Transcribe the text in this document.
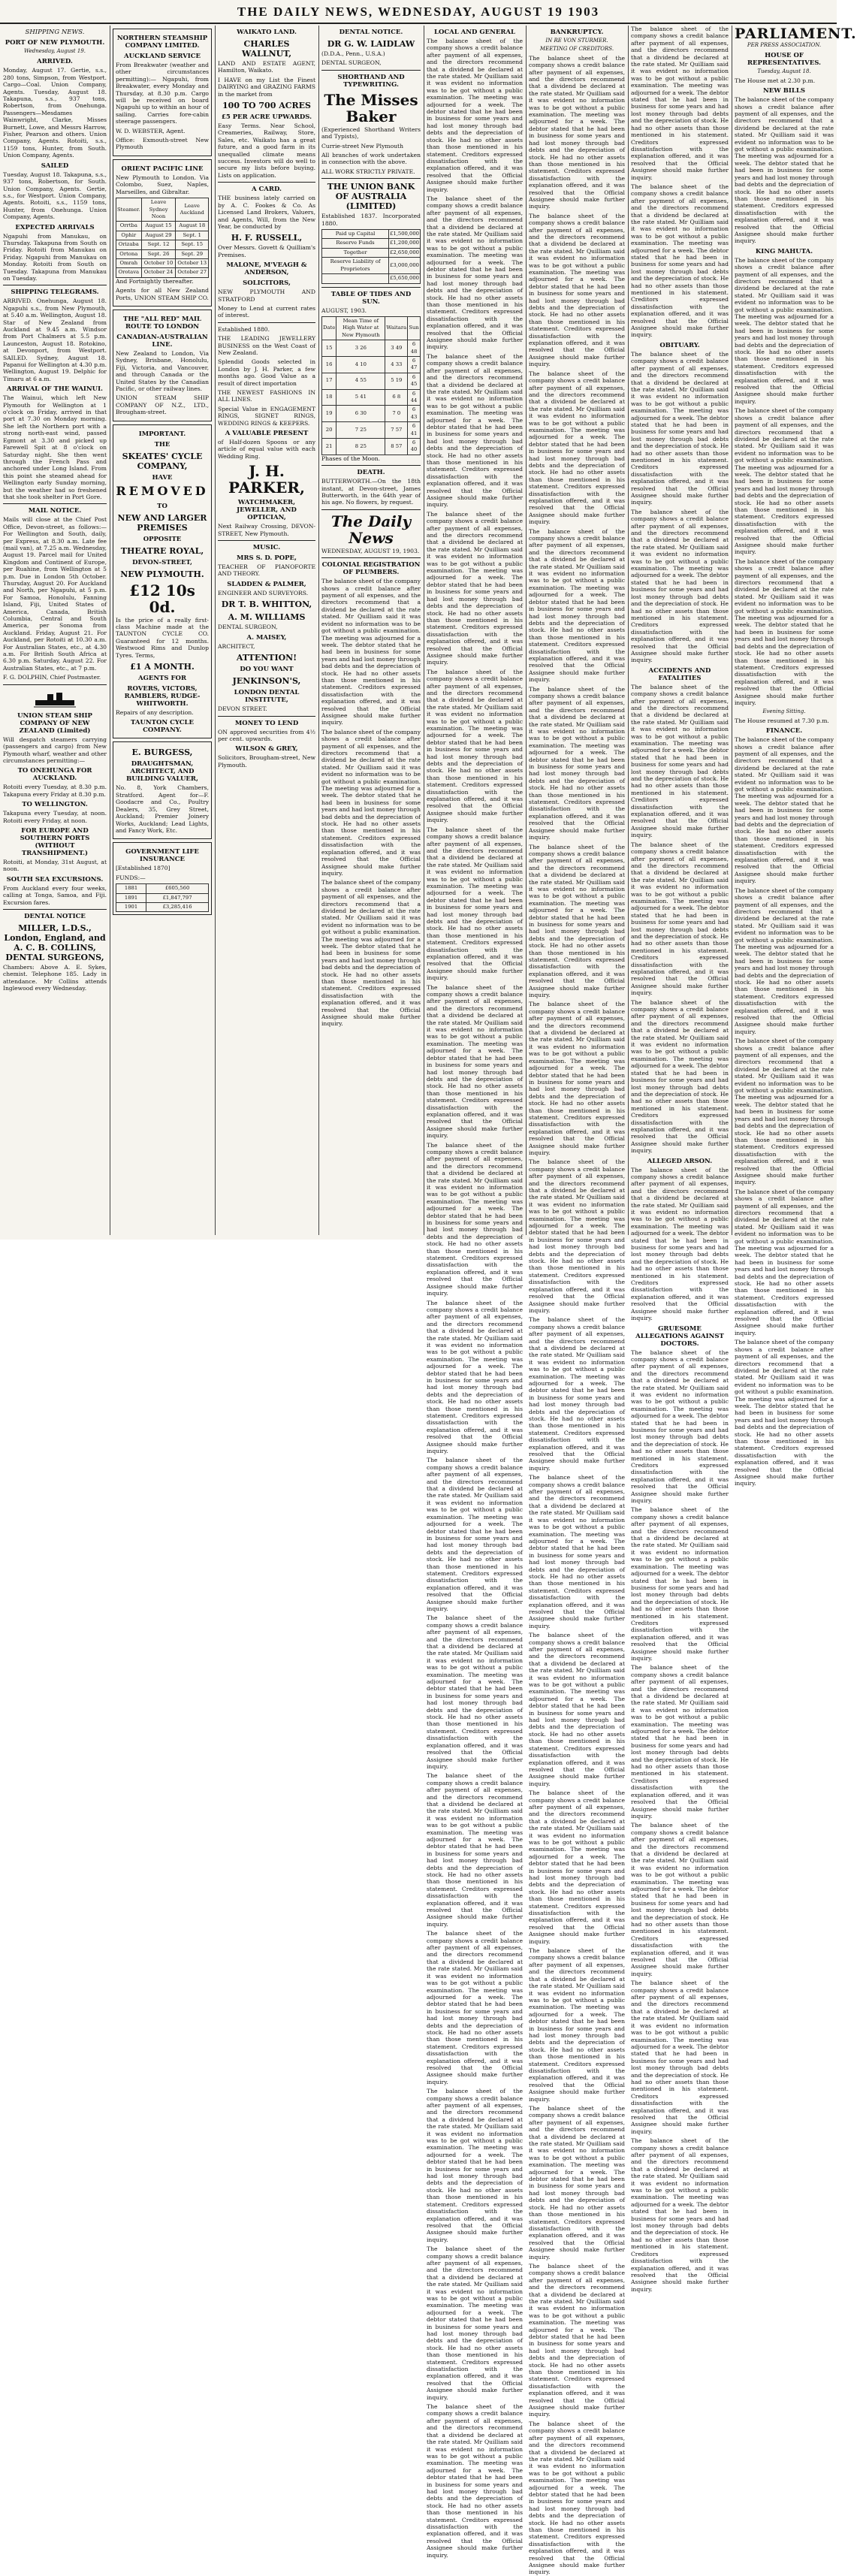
THE DAILY NEWS, WEDNESDAY, AUGUST 19 1903
SHIPPING NEWS.
PORT OF NEW PLYMOUTH.
Wednesday, August 19.
ARRIVED.

Monday, August 17. Gertie, s.s., 280 tons, Simpson, from Westport. Cargo—Coal. Union Company, Agents. Tuesday, August 18. Takapuna, s.s., 937 tons, Robertson, from Onehunga. Passengers—Mesdames Wainwright, Clarke, Misses Burnett, Lowe, and Messrs Harrow, Fisher, Pearson and others. Union Company, Agents. Rotoiti, s.s., 1159 tons, Hunter, from South. Union Company, Agents.

SAILED

Tuesday, August 18. Takapuna, s.s., 937 tons, Robertson, for South. Union Company, Agents. Gertie, s.s., for Westport. Union Company, Agents. Rotoiti, s.s., 1159 tons, Hunter, from Onehunga. Union Company, Agents.

EXPECTED ARRIVALS

Ngapuhi from Manukau, on Thursday. Takapuna from South on Friday. Rotoiti from Manukau on Friday. Ngapuhi from Manukau on Monday. Rotoiti from South on Tuesday. Takapuna from Manukau on Tuesday.

SHIPPING TELEGRAMS.

ARRIVED. Onehunga, August 18. Ngapuhi s.s., from New Plymouth, at 5.40 a.m. Wellington, August 18. Star of New Zealand from Auckland at 9.45 a.m. Windsor from Port Chalmers at 5.5 p.m. Launceston, August 18. Rotokino, at Devonport, from Westport. SAILED. Sydney, August 18. Papanui for Wellington at 4.30 p.m. Wellington, August 19. Delphic for Timaru at 6 a.m.

ARRIVAL OF THE WAINUI.

The Wainui, which left New Plymouth for Wellington at 1 o'clock on Friday, arrived in that port at 7.30 on Monday morning. She left the Northern port with a strong north-east wind, passed Egmont at 3.30 and picked up Farewell Spit at 8 o'clock on Saturday night. She then went through the French Pass and anchored under Long Island. From this point she steamed ahead for Wellington early Sunday morning, but the weather had so freshened that she took shelter in Port Gore.

MAIL NOTICE.

Mails will close at the Chief Post Office, Devon-street, as follows:— For Wellington and South, daily, per Express, at 8.30 a.m. Late fee (mail van), at 7.25 a.m. Wednesday, August 19. Parcel mail for United Kingdom and Continent of Europe, per Ruahine, from Wellington at 5 p.m. Due in London 5th October. Thursday, August 20. For Auckland and North, per Ngapuhi, at 5 p.m. For Samoa, Honolulu, Fanning Island, Fiji, United States of America, Canada, British Columbia, Central and South America, per Sonoma from Auckland. Friday, August 21. For Auckland, per Rotoiti at 10.30 a.m. For Australian States, etc., at 4.30 a.m. For British South Africa at 6.30 p.m. Saturday, August 22. For Australian States, etc., at 7 p.m.

F. G. DOLPHIN, Chief Postmaster.

UNION STEAM SHIP COMPANY OF NEW ZEALAND (Limited)

Will despatch steamers carrying (passengers and cargo) from New Plymouth wharf, weather and other circumstances permitting:—

TO ONEHUNGA FOR AUCKLAND.

Rotoiti every Tuesday, at 8.30 p.m. Takapuna every Friday at 8.30 p.m.

TO WELLINGTON.

Takapuna every Tuesday, at noon. Rotoiti every Friday, at noon.

FOR EUROPE AND SOUTHERN PORTS (WITHOUT TRANSHIPMENT.)

Rotoiti, at Monday, 31st August, at noon.

SOUTH SEA EXCURSIONS.

From Auckland every four weeks, calling at Tonga, Samoa, and Fiji. Excursion fares.

DENTAL NOTICE
MILLER, L.D.S., London, England, and A. C. B. COLLINS, DENTAL SURGEONS,

Chambers: Above A. E. Sykes, chemist. Telephone 185. Lady in attendance. Mr Collins attends Inglewood every Wednesday.

NORTHERN STEAMSHIP COMPANY LIMITED.
AUCKLAND SERVICE

From Breakwater (weather and other circumstances permitting):— Ngapuhi, from Breakwater, every Monday and Thursday, at 8.30 p.m. Cargo will be received on board Ngapuhi up to within an hour of sailing. Carries fore-cabin steerage passengers.

W. D. WEBSTER, Agent.

Office: Exmouth-street New Plymouth

ORIENT PACIFIC LINE

New Plymouth to London. Via Colombo, Suez, Naples, Marseilles, and Gibraltar.

Steamer.	Leave Sydney Noon	Leave Auckland
Orrtba	August 15	August 18
Ophir	August 29	Sept. 1
Orizaba	Sept. 12	Sept. 15
Ortona	Sept. 26	Sept. 29
Omrah	October 10	October 13
Orotava	October 24	October 27

And Fortnightly thereafter.

Agents for all New Zealand Ports, UNION STEAM SHIP CO.

THE "ALL RED" MAIL ROUTE TO LONDON
CANADIAN-AUSTRALIAN LINE.

New Zealand to London, Via Sydney, Brisbane, Honolulu, Fiji, Victoria, and Vancouver, and through Canada or the United States by the Canadian Pacific, or other railway lines.

UNION STEAM SHIP COMPANY OF N.Z., LTD., Brougham-street.

IMPORTANT.
THE
SKEATES' CYCLE COMPANY,
HAVE
REMOVED
TO
NEW AND LARGER PREMISES
OPPOSITE
THEATRE ROYAL,
DEVON-STREET,
NEW PLYMOUTH.
£12 10s 0d.

Is the price of a really first-class Machine made at the TAUNTON CYCLE CO. Guaranteed for 12 months. Westwood Rims and Dunlop Tyres. Terms,

£1 A MONTH.
AGENTS FOR
ROVERS, VICTORS, RAMBLERS, RUDGE-WHITWORTH.

Repairs of any description.

TAUNTON CYCLE COMPANY.
E. BURGESS,
DRAUGHTSMAN, ARCHITECT, AND BUILDING VALUER,

No. 8, York Chambers, Stratford. Agent for—F. Goodacre and Co., Poultry Dealers, 35, Grey Street, Auckland; Premier Joinery Works, Auckland; Lead Lights, and Fancy Work, Etc.

GOVERNMENT LIFE INSURANCE

[Established 1870]

FUNDS:—

1881	£605,560
1891	£1,847,797
1901	£3,285,416
WAIKATO LAND.
CHARLES WALLNUT,

LAND AND ESTATE AGENT, Hamilton, Waikato.

I HAVE on my List the Finest DAIRYING and GRAZING FARMS in the market from

100 TO 700 ACRES
£5 PER ACRE UPWARDS.

Easy Terms. Near School, Creameries, Railway, Store, Sales, etc. Waikato has a great future, and a good farm in its unequalled climate means success. Investors will do well to secure my lists before buying. Lists on application.

A CARD.

THE business lately carried on by A. C. Fookes & Co. As Licensed Land Brokers, Valuers, and Agents, Will, from the New Year, be conducted by

H. F. RUSSELL,

Over Messrs. Govett & Quilliam's Premises.

MALONE, M'VEAGH & ANDERSON,
SOLICITORS,

NEW PLYMOUTH AND STRATFORD

Money to Lend at current rates of interest.

Established 1880.

THE LEADING JEWELLERY BUSINESS on the West Coast of New Zealand.

Splendid Goods selected in London by J. H. Parker, a few months ago. Good Value as a result of direct importation

THE NEWEST FASHIONS IN ALL LINES.

Special Value in ENGAGEMENT RINGS, SIGNET RINGS, WEDDING RINGS & KEEPERS.

A VALUABLE PRESENT

of Half-dozen Spoons or any article of equal value with each Wedding Ring.

J. H. PARKER,
WATCHMAKER, JEWELLER, AND OPTICIAN,

Next Railway Crossing, DEVON-STREET, New Plymouth.

MUSIC.
MRS S. D. POPE,

TEACHER OF PIANOFORTE AND THEORY.

SLADDEN & PALMER,

ENGINEER AND SURVEYORS.

DR T. B. WHITTON,
A. M. WILLIAMS

DENTAL SURGEON,

A. MAISEY,

ARCHITECT,

ATTENTION!
DO YOU WANT
JENKINSON'S,
LONDON DENTAL INSTITUTE,

DEVON STREET.

MONEY TO LEND

ON approved securities from 4½ per cent. upwards.

WILSON & GREY,

Solicitors, Brougham-street, New Plymouth.

DENTAL NOTICE.
DR G. W. LAIDLAW

(D.D.A., Penn., U.S.A.)

DENTAL SURGEON,

SHORTHAND AND TYPEWRITING.
The Misses Baker

(Experienced Shorthand Writers and Typists),

Currie-street New Plymouth

All branches of work undertaken in connection with the above.

ALL WORK STRICTLY PRIVATE.

THE UNION BANK OF AUSTRALIA (LIMITED)

Established 1837. Incorporated 1880.

Paid up Capital	£1,500,000
Reserve Funds	£1,200,000
Together	£2,650,000
Reserve Liability of Proprietors	£3,000,000
	£5,650,000
TABLE OF TIDES AND SUN.

AUGUST, 1903.

Date	Mean Time of High Water at New Plymouth	Waitara	Sun
15	3 26	3 49	6 48
16	4 10	4 33	6 47
17	4 55	5 19	6 45
18	5 41	6 8	6 44
19	6 30	7 0	6 43
20	7 25	7 57	6 41
21	8 25	8 57	6 40

Phases of the Moon.

DEATH.

BUTTERWORTH.—On the 18th instant, at Devon-street, James Butterworth, in the 64th year of his age. No flowers, by request.

The Daily News

WEDNESDAY, AUGUST 19, 1903.

COLONIAL REGISTRATION OF PLUMBERS.

The balance sheet of the company shows a credit balance after payment of all expenses, and the directors recommend that a dividend be declared at the rate stated. Mr Quilliam said it was evident no information was to be got without a public examination. The meeting was adjourned for a week. The debtor stated that he had been in business for some years and had lost money through bad debts and the depreciation of stock. He had no other assets than those mentioned in his statement. Creditors expressed dissatisfaction with the explanation offered, and it was resolved that the Official Assignee should make further inquiry.

The balance sheet of the company shows a credit balance after payment of all expenses, and the directors recommend that a dividend be declared at the rate stated. Mr Quilliam said it was evident no information was to be got without a public examination. The meeting was adjourned for a week. The debtor stated that he had been in business for some years and had lost money through bad debts and the depreciation of stock. He had no other assets than those mentioned in his statement. Creditors expressed dissatisfaction with the explanation offered, and it was resolved that the Official Assignee should make further inquiry.

The balance sheet of the company shows a credit balance after payment of all expenses, and the directors recommend that a dividend be declared at the rate stated. Mr Quilliam said it was evident no information was to be got without a public examination. The meeting was adjourned for a week. The debtor stated that he had been in business for some years and had lost money through bad debts and the depreciation of stock. He had no other assets than those mentioned in his statement. Creditors expressed dissatisfaction with the explanation offered, and it was resolved that the Official Assignee should make further inquiry.

LOCAL AND GENERAL

The balance sheet of the company shows a credit balance after payment of all expenses, and the directors recommend that a dividend be declared at the rate stated. Mr Quilliam said it was evident no information was to be got without a public examination. The meeting was adjourned for a week. The debtor stated that he had been in business for some years and had lost money through bad debts and the depreciation of stock. He had no other assets than those mentioned in his statement. Creditors expressed dissatisfaction with the explanation offered, and it was resolved that the Official Assignee should make further inquiry.

The balance sheet of the company shows a credit balance after payment of all expenses, and the directors recommend that a dividend be declared at the rate stated. Mr Quilliam said it was evident no information was to be got without a public examination. The meeting was adjourned for a week. The debtor stated that he had been in business for some years and had lost money through bad debts and the depreciation of stock. He had no other assets than those mentioned in his statement. Creditors expressed dissatisfaction with the explanation offered, and it was resolved that the Official Assignee should make further inquiry.

The balance sheet of the company shows a credit balance after payment of all expenses, and the directors recommend that a dividend be declared at the rate stated. Mr Quilliam said it was evident no information was to be got without a public examination. The meeting was adjourned for a week. The debtor stated that he had been in business for some years and had lost money through bad debts and the depreciation of stock. He had no other assets than those mentioned in his statement. Creditors expressed dissatisfaction with the explanation offered, and it was resolved that the Official Assignee should make further inquiry.

The balance sheet of the company shows a credit balance after payment of all expenses, and the directors recommend that a dividend be declared at the rate stated. Mr Quilliam said it was evident no information was to be got without a public examination. The meeting was adjourned for a week. The debtor stated that he had been in business for some years and had lost money through bad debts and the depreciation of stock. He had no other assets than those mentioned in his statement. Creditors expressed dissatisfaction with the explanation offered, and it was resolved that the Official Assignee should make further inquiry.

The balance sheet of the company shows a credit balance after payment of all expenses, and the directors recommend that a dividend be declared at the rate stated. Mr Quilliam said it was evident no information was to be got without a public examination. The meeting was adjourned for a week. The debtor stated that he had been in business for some years and had lost money through bad debts and the depreciation of stock. He had no other assets than those mentioned in his statement. Creditors expressed dissatisfaction with the explanation offered, and it was resolved that the Official Assignee should make further inquiry.

The balance sheet of the company shows a credit balance after payment of all expenses, and the directors recommend that a dividend be declared at the rate stated. Mr Quilliam said it was evident no information was to be got without a public examination. The meeting was adjourned for a week. The debtor stated that he had been in business for some years and had lost money through bad debts and the depreciation of stock. He had no other assets than those mentioned in his statement. Creditors expressed dissatisfaction with the explanation offered, and it was resolved that the Official Assignee should make further inquiry.

The balance sheet of the company shows a credit balance after payment of all expenses, and the directors recommend that a dividend be declared at the rate stated. Mr Quilliam said it was evident no information was to be got without a public examination. The meeting was adjourned for a week. The debtor stated that he had been in business for some years and had lost money through bad debts and the depreciation of stock. He had no other assets than those mentioned in his statement. Creditors expressed dissatisfaction with the explanation offered, and it was resolved that the Official Assignee should make further inquiry.

The balance sheet of the company shows a credit balance after payment of all expenses, and the directors recommend that a dividend be declared at the rate stated. Mr Quilliam said it was evident no information was to be got without a public examination. The meeting was adjourned for a week. The debtor stated that he had been in business for some years and had lost money through bad debts and the depreciation of stock. He had no other assets than those mentioned in his statement. Creditors expressed dissatisfaction with the explanation offered, and it was resolved that the Official Assignee should make further inquiry.

The balance sheet of the company shows a credit balance after payment of all expenses, and the directors recommend that a dividend be declared at the rate stated. Mr Quilliam said it was evident no information was to be got without a public examination. The meeting was adjourned for a week. The debtor stated that he had been in business for some years and had lost money through bad debts and the depreciation of stock. He had no other assets than those mentioned in his statement. Creditors expressed dissatisfaction with the explanation offered, and it was resolved that the Official Assignee should make further inquiry.

The balance sheet of the company shows a credit balance after payment of all expenses, and the directors recommend that a dividend be declared at the rate stated. Mr Quilliam said it was evident no information was to be got without a public examination. The meeting was adjourned for a week. The debtor stated that he had been in business for some years and had lost money through bad debts and the depreciation of stock. He had no other assets than those mentioned in his statement. Creditors expressed dissatisfaction with the explanation offered, and it was resolved that the Official Assignee should make further inquiry.

The balance sheet of the company shows a credit balance after payment of all expenses, and the directors recommend that a dividend be declared at the rate stated. Mr Quilliam said it was evident no information was to be got without a public examination. The meeting was adjourned for a week. The debtor stated that he had been in business for some years and had lost money through bad debts and the depreciation of stock. He had no other assets than those mentioned in his statement. Creditors expressed dissatisfaction with the explanation offered, and it was resolved that the Official Assignee should make further inquiry.

The balance sheet of the company shows a credit balance after payment of all expenses, and the directors recommend that a dividend be declared at the rate stated. Mr Quilliam said it was evident no information was to be got without a public examination. The meeting was adjourned for a week. The debtor stated that he had been in business for some years and had lost money through bad debts and the depreciation of stock. He had no other assets than those mentioned in his statement. Creditors expressed dissatisfaction with the explanation offered, and it was resolved that the Official Assignee should make further inquiry.

The balance sheet of the company shows a credit balance after payment of all expenses, and the directors recommend that a dividend be declared at the rate stated. Mr Quilliam said it was evident no information was to be got without a public examination. The meeting was adjourned for a week. The debtor stated that he had been in business for some years and had lost money through bad debts and the depreciation of stock. He had no other assets than those mentioned in his statement. Creditors expressed dissatisfaction with the explanation offered, and it was resolved that the Official Assignee should make further inquiry.

The balance sheet of the company shows a credit balance after payment of all expenses, and the directors recommend that a dividend be declared at the rate stated. Mr Quilliam said it was evident no information was to be got without a public examination. The meeting was adjourned for a week. The debtor stated that he had been in business for some years and had lost money through bad debts and the depreciation of stock. He had no other assets than those mentioned in his statement. Creditors expressed dissatisfaction with the explanation offered, and it was resolved that the Official Assignee should make further inquiry.

The balance sheet of the company shows a credit balance after payment of all expenses, and the directors recommend that a dividend be declared at the rate stated. Mr Quilliam said it was evident no information was to be got without a public examination. The meeting was adjourned for a week. The debtor stated that he had been in business for some years and had lost money through bad debts and the depreciation of stock. He had no other assets than those mentioned in his statement. Creditors expressed dissatisfaction with the explanation offered, and it was resolved that the Official Assignee should make further inquiry.

The balance sheet of the company shows a credit balance after payment of all expenses, and the directors recommend that a dividend be declared at the rate stated. Mr Quilliam said it was evident no information was to be got without a public examination. The meeting was adjourned for a week. The debtor stated that he had been in business for some years and had lost money through bad debts and the depreciation of stock. He had no other assets than those mentioned in his statement. Creditors expressed dissatisfaction with the explanation offered, and it was resolved that the Official Assignee should make further inquiry.

BANKRUPTCY.
IN RE VON STURMER.
MEETING OF CREDITORS.

The balance sheet of the company shows a credit balance after payment of all expenses, and the directors recommend that a dividend be declared at the rate stated. Mr Quilliam said it was evident no information was to be got without a public examination. The meeting was adjourned for a week. The debtor stated that he had been in business for some years and had lost money through bad debts and the depreciation of stock. He had no other assets than those mentioned in his statement. Creditors expressed dissatisfaction with the explanation offered, and it was resolved that the Official Assignee should make further inquiry.

The balance sheet of the company shows a credit balance after payment of all expenses, and the directors recommend that a dividend be declared at the rate stated. Mr Quilliam said it was evident no information was to be got without a public examination. The meeting was adjourned for a week. The debtor stated that he had been in business for some years and had lost money through bad debts and the depreciation of stock. He had no other assets than those mentioned in his statement. Creditors expressed dissatisfaction with the explanation offered, and it was resolved that the Official Assignee should make further inquiry.

The balance sheet of the company shows a credit balance after payment of all expenses, and the directors recommend that a dividend be declared at the rate stated. Mr Quilliam said it was evident no information was to be got without a public examination. The meeting was adjourned for a week. The debtor stated that he had been in business for some years and had lost money through bad debts and the depreciation of stock. He had no other assets than those mentioned in his statement. Creditors expressed dissatisfaction with the explanation offered, and it was resolved that the Official Assignee should make further inquiry.

The balance sheet of the company shows a credit balance after payment of all expenses, and the directors recommend that a dividend be declared at the rate stated. Mr Quilliam said it was evident no information was to be got without a public examination. The meeting was adjourned for a week. The debtor stated that he had been in business for some years and had lost money through bad debts and the depreciation of stock. He had no other assets than those mentioned in his statement. Creditors expressed dissatisfaction with the explanation offered, and it was resolved that the Official Assignee should make further inquiry.

The balance sheet of the company shows a credit balance after payment of all expenses, and the directors recommend that a dividend be declared at the rate stated. Mr Quilliam said it was evident no information was to be got without a public examination. The meeting was adjourned for a week. The debtor stated that he had been in business for some years and had lost money through bad debts and the depreciation of stock. He had no other assets than those mentioned in his statement. Creditors expressed dissatisfaction with the explanation offered, and it was resolved that the Official Assignee should make further inquiry.

The balance sheet of the company shows a credit balance after payment of all expenses, and the directors recommend that a dividend be declared at the rate stated. Mr Quilliam said it was evident no information was to be got without a public examination. The meeting was adjourned for a week. The debtor stated that he had been in business for some years and had lost money through bad debts and the depreciation of stock. He had no other assets than those mentioned in his statement. Creditors expressed dissatisfaction with the explanation offered, and it was resolved that the Official Assignee should make further inquiry.

The balance sheet of the company shows a credit balance after payment of all expenses, and the directors recommend that a dividend be declared at the rate stated. Mr Quilliam said it was evident no information was to be got without a public examination. The meeting was adjourned for a week. The debtor stated that he had been in business for some years and had lost money through bad debts and the depreciation of stock. He had no other assets than those mentioned in his statement. Creditors expressed dissatisfaction with the explanation offered, and it was resolved that the Official Assignee should make further inquiry.

The balance sheet of the company shows a credit balance after payment of all expenses, and the directors recommend that a dividend be declared at the rate stated. Mr Quilliam said it was evident no information was to be got without a public examination. The meeting was adjourned for a week. The debtor stated that he had been in business for some years and had lost money through bad debts and the depreciation of stock. He had no other assets than those mentioned in his statement. Creditors expressed dissatisfaction with the explanation offered, and it was resolved that the Official Assignee should make further inquiry.

The balance sheet of the company shows a credit balance after payment of all expenses, and the directors recommend that a dividend be declared at the rate stated. Mr Quilliam said it was evident no information was to be got without a public examination. The meeting was adjourned for a week. The debtor stated that he had been in business for some years and had lost money through bad debts and the depreciation of stock. He had no other assets than those mentioned in his statement. Creditors expressed dissatisfaction with the explanation offered, and it was resolved that the Official Assignee should make further inquiry.

The balance sheet of the company shows a credit balance after payment of all expenses, and the directors recommend that a dividend be declared at the rate stated. Mr Quilliam said it was evident no information was to be got without a public examination. The meeting was adjourned for a week. The debtor stated that he had been in business for some years and had lost money through bad debts and the depreciation of stock. He had no other assets than those mentioned in his statement. Creditors expressed dissatisfaction with the explanation offered, and it was resolved that the Official Assignee should make further inquiry.

The balance sheet of the company shows a credit balance after payment of all expenses, and the directors recommend that a dividend be declared at the rate stated. Mr Quilliam said it was evident no information was to be got without a public examination. The meeting was adjourned for a week. The debtor stated that he had been in business for some years and had lost money through bad debts and the depreciation of stock. He had no other assets than those mentioned in his statement. Creditors expressed dissatisfaction with the explanation offered, and it was resolved that the Official Assignee should make further inquiry.

The balance sheet of the company shows a credit balance after payment of all expenses, and the directors recommend that a dividend be declared at the rate stated. Mr Quilliam said it was evident no information was to be got without a public examination. The meeting was adjourned for a week. The debtor stated that he had been in business for some years and had lost money through bad debts and the depreciation of stock. He had no other assets than those mentioned in his statement. Creditors expressed dissatisfaction with the explanation offered, and it was resolved that the Official Assignee should make further inquiry.

The balance sheet of the company shows a credit balance after payment of all expenses, and the directors recommend that a dividend be declared at the rate stated. Mr Quilliam said it was evident no information was to be got without a public examination. The meeting was adjourned for a week. The debtor stated that he had been in business for some years and had lost money through bad debts and the depreciation of stock. He had no other assets than those mentioned in his statement. Creditors expressed dissatisfaction with the explanation offered, and it was resolved that the Official Assignee should make further inquiry.

The balance sheet of the company shows a credit balance after payment of all expenses, and the directors recommend that a dividend be declared at the rate stated. Mr Quilliam said it was evident no information was to be got without a public examination. The meeting was adjourned for a week. The debtor stated that he had been in business for some years and had lost money through bad debts and the depreciation of stock. He had no other assets than those mentioned in his statement. Creditors expressed dissatisfaction with the explanation offered, and it was resolved that the Official Assignee should make further inquiry.

The balance sheet of the company shows a credit balance after payment of all expenses, and the directors recommend that a dividend be declared at the rate stated. Mr Quilliam said it was evident no information was to be got without a public examination. The meeting was adjourned for a week. The debtor stated that he had been in business for some years and had lost money through bad debts and the depreciation of stock. He had no other assets than those mentioned in his statement. Creditors expressed dissatisfaction with the explanation offered, and it was resolved that the Official Assignee should make further inquiry.

The balance sheet of the company shows a credit balance after payment of all expenses, and the directors recommend that a dividend be declared at the rate stated. Mr Quilliam said it was evident no information was to be got without a public examination. The meeting was adjourned for a week. The debtor stated that he had been in business for some years and had lost money through bad debts and the depreciation of stock. He had no other assets than those mentioned in his statement. Creditors expressed dissatisfaction with the explanation offered, and it was resolved that the Official Assignee should make further inquiry.

The balance sheet of the company shows a credit balance after payment of all expenses, and the directors recommend that a dividend be declared at the rate stated. Mr Quilliam said it was evident no information was to be got without a public examination. The meeting was adjourned for a week. The debtor stated that he had been in business for some years and had lost money through bad debts and the depreciation of stock. He had no other assets than those mentioned in his statement. Creditors expressed dissatisfaction with the explanation offered, and it was resolved that the Official Assignee should make further inquiry.

The balance sheet of the company shows a credit balance after payment of all expenses, and the directors recommend that a dividend be declared at the rate stated. Mr Quilliam said it was evident no information was to be got without a public examination. The meeting was adjourned for a week. The debtor stated that he had been in business for some years and had lost money through bad debts and the depreciation of stock. He had no other assets than those mentioned in his statement. Creditors expressed dissatisfaction with the explanation offered, and it was resolved that the Official Assignee should make further inquiry.

OBITUARY.

The balance sheet of the company shows a credit balance after payment of all expenses, and the directors recommend that a dividend be declared at the rate stated. Mr Quilliam said it was evident no information was to be got without a public examination. The meeting was adjourned for a week. The debtor stated that he had been in business for some years and had lost money through bad debts and the depreciation of stock. He had no other assets than those mentioned in his statement. Creditors expressed dissatisfaction with the explanation offered, and it was resolved that the Official Assignee should make further inquiry.

The balance sheet of the company shows a credit balance after payment of all expenses, and the directors recommend that a dividend be declared at the rate stated. Mr Quilliam said it was evident no information was to be got without a public examination. The meeting was adjourned for a week. The debtor stated that he had been in business for some years and had lost money through bad debts and the depreciation of stock. He had no other assets than those mentioned in his statement. Creditors expressed dissatisfaction with the explanation offered, and it was resolved that the Official Assignee should make further inquiry.

ACCIDENTS AND FATALITIES

The balance sheet of the company shows a credit balance after payment of all expenses, and the directors recommend that a dividend be declared at the rate stated. Mr Quilliam said it was evident no information was to be got without a public examination. The meeting was adjourned for a week. The debtor stated that he had been in business for some years and had lost money through bad debts and the depreciation of stock. He had no other assets than those mentioned in his statement. Creditors expressed dissatisfaction with the explanation offered, and it was resolved that the Official Assignee should make further inquiry.

The balance sheet of the company shows a credit balance after payment of all expenses, and the directors recommend that a dividend be declared at the rate stated. Mr Quilliam said it was evident no information was to be got without a public examination. The meeting was adjourned for a week. The debtor stated that he had been in business for some years and had lost money through bad debts and the depreciation of stock. He had no other assets than those mentioned in his statement. Creditors expressed dissatisfaction with the explanation offered, and it was resolved that the Official Assignee should make further inquiry.

The balance sheet of the company shows a credit balance after payment of all expenses, and the directors recommend that a dividend be declared at the rate stated. Mr Quilliam said it was evident no information was to be got without a public examination. The meeting was adjourned for a week. The debtor stated that he had been in business for some years and had lost money through bad debts and the depreciation of stock. He had no other assets than those mentioned in his statement. Creditors expressed dissatisfaction with the explanation offered, and it was resolved that the Official Assignee should make further inquiry.

ALLEGED ARSON.

The balance sheet of the company shows a credit balance after payment of all expenses, and the directors recommend that a dividend be declared at the rate stated. Mr Quilliam said it was evident no information was to be got without a public examination. The meeting was adjourned for a week. The debtor stated that he had been in business for some years and had lost money through bad debts and the depreciation of stock. He had no other assets than those mentioned in his statement. Creditors expressed dissatisfaction with the explanation offered, and it was resolved that the Official Assignee should make further inquiry.

GRUESOME ALLEGATIONS AGAINST DOCTORS.

The balance sheet of the company shows a credit balance after payment of all expenses, and the directors recommend that a dividend be declared at the rate stated. Mr Quilliam said it was evident no information was to be got without a public examination. The meeting was adjourned for a week. The debtor stated that he had been in business for some years and had lost money through bad debts and the depreciation of stock. He had no other assets than those mentioned in his statement. Creditors expressed dissatisfaction with the explanation offered, and it was resolved that the Official Assignee should make further inquiry.

The balance sheet of the company shows a credit balance after payment of all expenses, and the directors recommend that a dividend be declared at the rate stated. Mr Quilliam said it was evident no information was to be got without a public examination. The meeting was adjourned for a week. The debtor stated that he had been in business for some years and had lost money through bad debts and the depreciation of stock. He had no other assets than those mentioned in his statement. Creditors expressed dissatisfaction with the explanation offered, and it was resolved that the Official Assignee should make further inquiry.

The balance sheet of the company shows a credit balance after payment of all expenses, and the directors recommend that a dividend be declared at the rate stated. Mr Quilliam said it was evident no information was to be got without a public examination. The meeting was adjourned for a week. The debtor stated that he had been in business for some years and had lost money through bad debts and the depreciation of stock. He had no other assets than those mentioned in his statement. Creditors expressed dissatisfaction with the explanation offered, and it was resolved that the Official Assignee should make further inquiry.

The balance sheet of the company shows a credit balance after payment of all expenses, and the directors recommend that a dividend be declared at the rate stated. Mr Quilliam said it was evident no information was to be got without a public examination. The meeting was adjourned for a week. The debtor stated that he had been in business for some years and had lost money through bad debts and the depreciation of stock. He had no other assets than those mentioned in his statement. Creditors expressed dissatisfaction with the explanation offered, and it was resolved that the Official Assignee should make further inquiry.

The balance sheet of the company shows a credit balance after payment of all expenses, and the directors recommend that a dividend be declared at the rate stated. Mr Quilliam said it was evident no information was to be got without a public examination. The meeting was adjourned for a week. The debtor stated that he had been in business for some years and had lost money through bad debts and the depreciation of stock. He had no other assets than those mentioned in his statement. Creditors expressed dissatisfaction with the explanation offered, and it was resolved that the Official Assignee should make further inquiry.

The balance sheet of the company shows a credit balance after payment of all expenses, and the directors recommend that a dividend be declared at the rate stated. Mr Quilliam said it was evident no information was to be got without a public examination. The meeting was adjourned for a week. The debtor stated that he had been in business for some years and had lost money through bad debts and the depreciation of stock. He had no other assets than those mentioned in his statement. Creditors expressed dissatisfaction with the explanation offered, and it was resolved that the Official Assignee should make further inquiry.

PARLIAMENT.
PER PRESS ASSOCIATION.
HOUSE OF REPRESENTATIVES.
Tuesday, August 18.

The House met at 2.30 p.m.

NEW BILLS

The balance sheet of the company shows a credit balance after payment of all expenses, and the directors recommend that a dividend be declared at the rate stated. Mr Quilliam said it was evident no information was to be got without a public examination. The meeting was adjourned for a week. The debtor stated that he had been in business for some years and had lost money through bad debts and the depreciation of stock. He had no other assets than those mentioned in his statement. Creditors expressed dissatisfaction with the explanation offered, and it was resolved that the Official Assignee should make further inquiry.

KING MAHUTA.

The balance sheet of the company shows a credit balance after payment of all expenses, and the directors recommend that a dividend be declared at the rate stated. Mr Quilliam said it was evident no information was to be got without a public examination. The meeting was adjourned for a week. The debtor stated that he had been in business for some years and had lost money through bad debts and the depreciation of stock. He had no other assets than those mentioned in his statement. Creditors expressed dissatisfaction with the explanation offered, and it was resolved that the Official Assignee should make further inquiry.

The balance sheet of the company shows a credit balance after payment of all expenses, and the directors recommend that a dividend be declared at the rate stated. Mr Quilliam said it was evident no information was to be got without a public examination. The meeting was adjourned for a week. The debtor stated that he had been in business for some years and had lost money through bad debts and the depreciation of stock. He had no other assets than those mentioned in his statement. Creditors expressed dissatisfaction with the explanation offered, and it was resolved that the Official Assignee should make further inquiry.

The balance sheet of the company shows a credit balance after payment of all expenses, and the directors recommend that a dividend be declared at the rate stated. Mr Quilliam said it was evident no information was to be got without a public examination. The meeting was adjourned for a week. The debtor stated that he had been in business for some years and had lost money through bad debts and the depreciation of stock. He had no other assets than those mentioned in his statement. Creditors expressed dissatisfaction with the explanation offered, and it was resolved that the Official Assignee should make further inquiry.

Evening Sitting.

The House resumed at 7.30 p.m.

FINANCE.

The balance sheet of the company shows a credit balance after payment of all expenses, and the directors recommend that a dividend be declared at the rate stated. Mr Quilliam said it was evident no information was to be got without a public examination. The meeting was adjourned for a week. The debtor stated that he had been in business for some years and had lost money through bad debts and the depreciation of stock. He had no other assets than those mentioned in his statement. Creditors expressed dissatisfaction with the explanation offered, and it was resolved that the Official Assignee should make further inquiry.

The balance sheet of the company shows a credit balance after payment of all expenses, and the directors recommend that a dividend be declared at the rate stated. Mr Quilliam said it was evident no information was to be got without a public examination. The meeting was adjourned for a week. The debtor stated that he had been in business for some years and had lost money through bad debts and the depreciation of stock. He had no other assets than those mentioned in his statement. Creditors expressed dissatisfaction with the explanation offered, and it was resolved that the Official Assignee should make further inquiry.

The balance sheet of the company shows a credit balance after payment of all expenses, and the directors recommend that a dividend be declared at the rate stated. Mr Quilliam said it was evident no information was to be got without a public examination. The meeting was adjourned for a week. The debtor stated that he had been in business for some years and had lost money through bad debts and the depreciation of stock. He had no other assets than those mentioned in his statement. Creditors expressed dissatisfaction with the explanation offered, and it was resolved that the Official Assignee should make further inquiry.

The balance sheet of the company shows a credit balance after payment of all expenses, and the directors recommend that a dividend be declared at the rate stated. Mr Quilliam said it was evident no information was to be got without a public examination. The meeting was adjourned for a week. The debtor stated that he had been in business for some years and had lost money through bad debts and the depreciation of stock. He had no other assets than those mentioned in his statement. Creditors expressed dissatisfaction with the explanation offered, and it was resolved that the Official Assignee should make further inquiry.

The balance sheet of the company shows a credit balance after payment of all expenses, and the directors recommend that a dividend be declared at the rate stated. Mr Quilliam said it was evident no information was to be got without a public examination. The meeting was adjourned for a week. The debtor stated that he had been in business for some years and had lost money through bad debts and the depreciation of stock. He had no other assets than those mentioned in his statement. Creditors expressed dissatisfaction with the explanation offered, and it was resolved that the Official Assignee should make further inquiry.
